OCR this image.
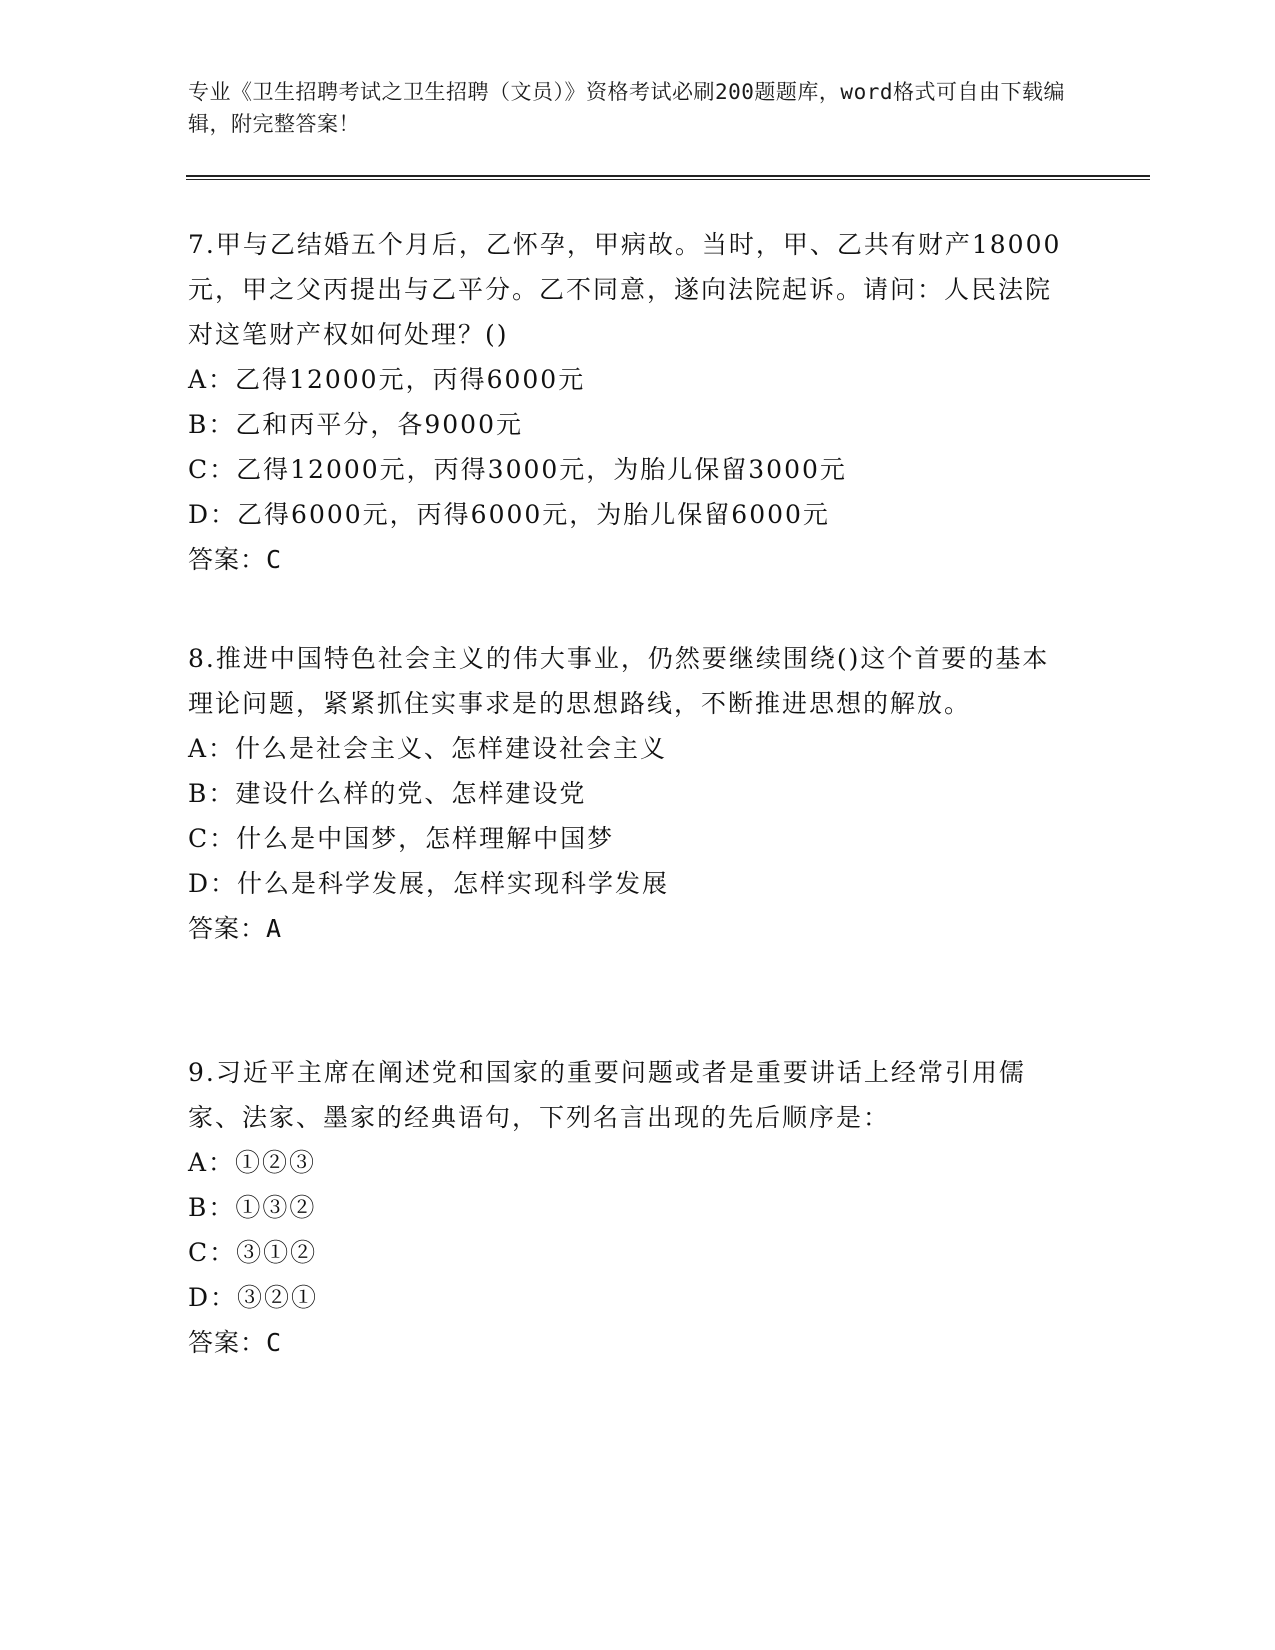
专业《卫生招聘考试之卫生招聘（文员）》资格考试必刷200题题库，word格式可自由下载编辑，附完整答案！

7.甲与乙结婚五个月后，乙怀孕，甲病故。当时，甲、乙共有财产18000元，甲之父丙提出与乙平分。乙不同意，遂向法院起诉。请问：人民法院对这笔财产权如何处理？()

A：乙得12000元，丙得6000元

B：乙和丙平分，各9000元

C：乙得12000元，丙得3000元，为胎儿保留3000元

D：乙得6000元，丙得6000元，为胎儿保留6000元

答案：C

8.推进中国特色社会主义的伟大事业，仍然要继续围绕()这个首要的基本理论问题，紧紧抓住实事求是的思想路线，不断推进思想的解放。

A：什么是社会主义、怎样建设社会主义

B：建设什么样的党、怎样建设党

C：什么是中国梦，怎样理解中国梦

D：什么是科学发展，怎样实现科学发展

答案：A

9.习近平主席在阐述党和国家的重要问题或者是重要讲话上经常引用儒家、法家、墨家的经典语句，下列名言出现的先后顺序是：

A：①②③

B：①③②

C：③①②

D：③②①

答案：C
